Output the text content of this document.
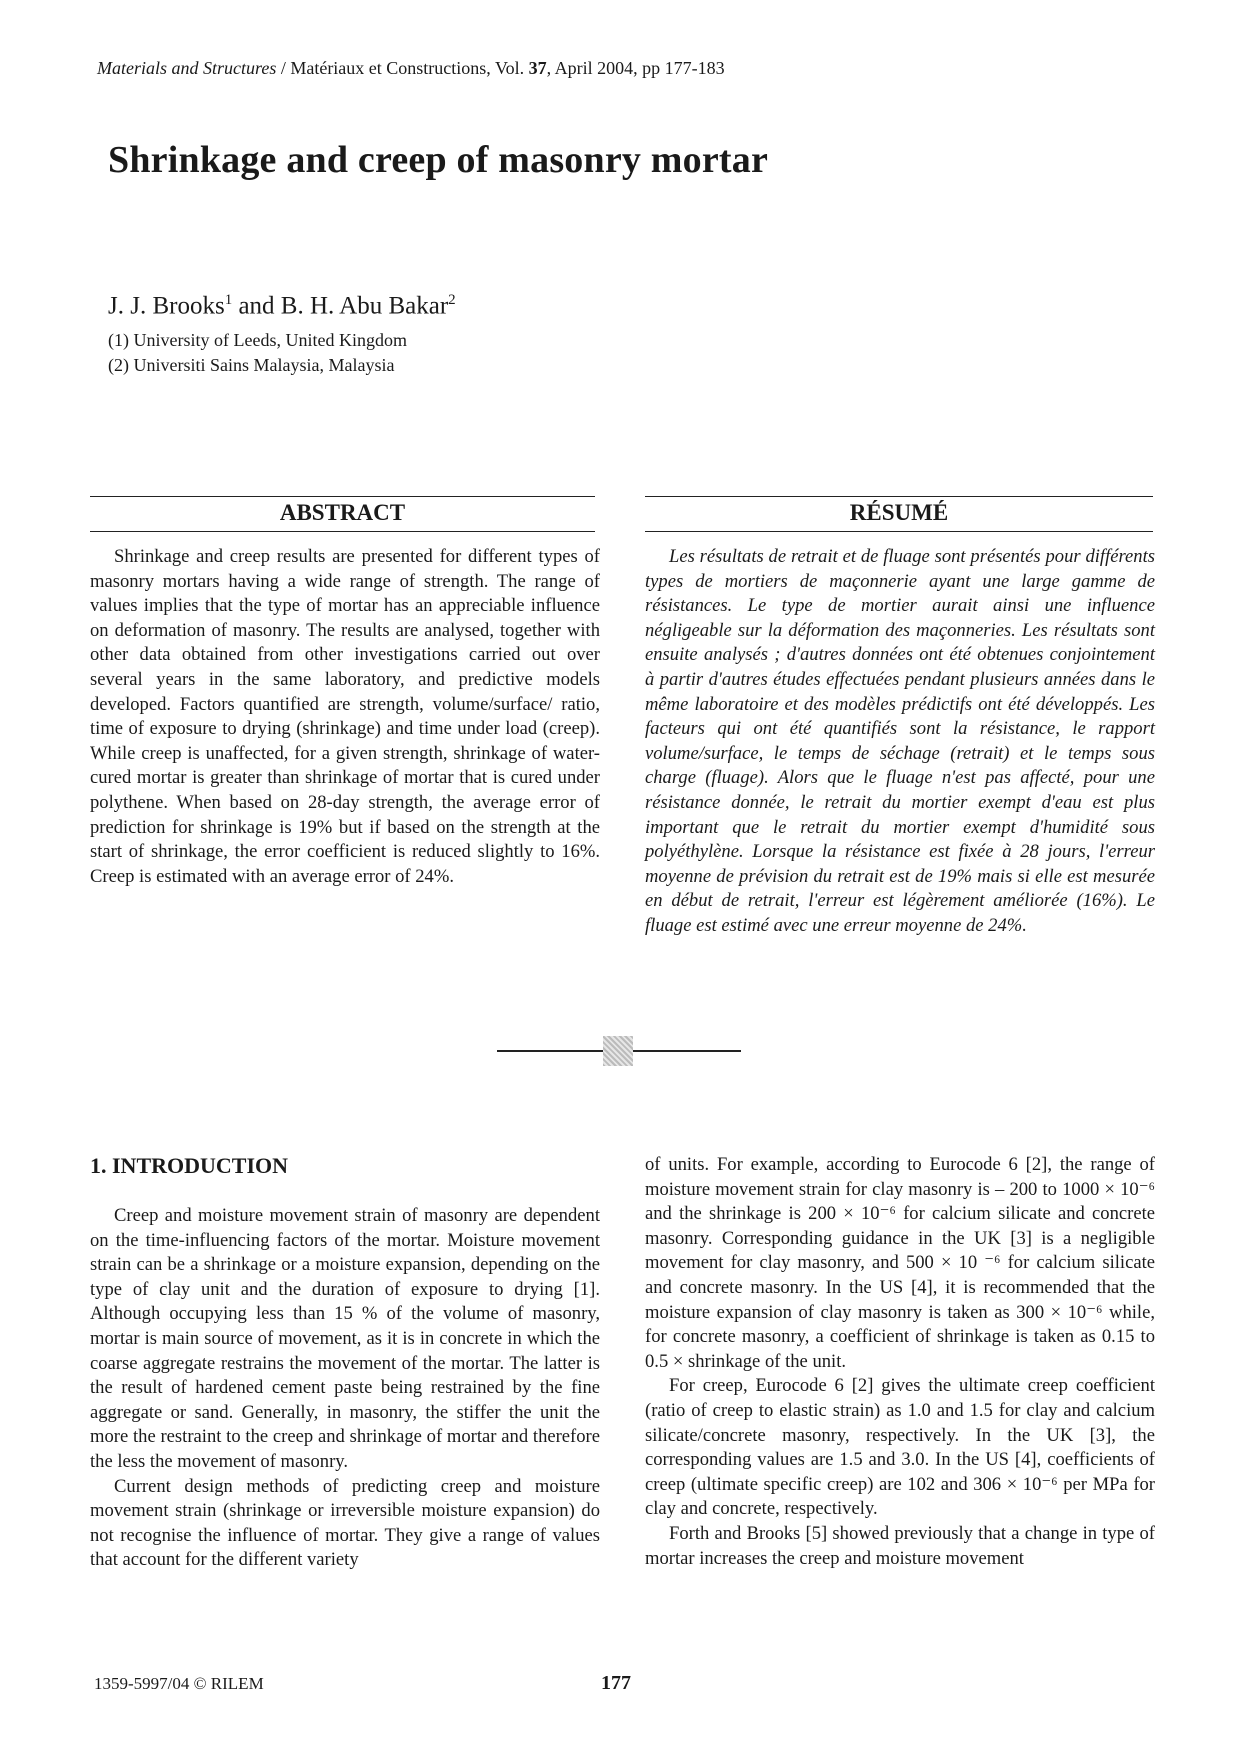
Materials and Structures / Matériaux et Constructions, Vol. 37, April 2004, pp 177-183
Shrinkage and creep of masonry mortar
J. J. Brooks$^1$ and B. H. Abu Bakar$^2$
(1) University of Leeds, United Kingdom
(2) Universiti Sains Malaysia, Malaysia
ABSTRACT

Shrinkage and creep results are presented for different types of masonry mortars having a wide range of strength. The range of values implies that the type of mortar has an appreciable influence on deformation of masonry. The results are analysed, together with other data obtained from other investigations carried out over several years in the same laboratory, and predictive models developed. Factors quantified are strength, volume/surface/ ratio, time of exposure to drying (shrinkage) and time under load (creep). While creep is unaffected, for a given strength, shrinkage of water-cured mortar is greater than shrinkage of mortar that is cured under polythene. When based on 28-day strength, the average error of prediction for shrinkage is 19% but if based on the strength at the start of shrinkage, the error coefficient is reduced slightly to 16%. Creep is estimated with an average error of 24%.

RÉSUMÉ

Les résultats de retrait et de fluage sont présentés pour différents types de mortiers de maçonnerie ayant une large gamme de résistances. Le type de mortier aurait ainsi une influence négligeable sur la déformation des maçonneries. Les résultats sont ensuite analysés ; d'autres données ont été obtenues conjointement à partir d'autres études effectuées pendant plusieurs années dans le même laboratoire et des modèles prédictifs ont été développés. Les facteurs qui ont été quantifiés sont la résistance, le rapport volume/surface, le temps de séchage (retrait) et le temps sous charge (fluage). Alors que le fluage n'est pas affecté, pour une résistance donnée, le retrait du mortier exempt d'eau est plus important que le retrait du mortier exempt d'humidité sous polyéthylène. Lorsque la résistance est fixée à 28 jours, l'erreur moyenne de prévision du retrait est de 19% mais si elle est mesurée en début de retrait, l'erreur est légèrement améliorée (16%). Le fluage est estimé avec une erreur moyenne de 24%.

1. INTRODUCTION

Creep and moisture movement strain of masonry are dependent on the time-influencing factors of the mortar. Moisture movement strain can be a shrinkage or a moisture expansion, depending on the type of clay unit and the duration of exposure to drying [1]. Although occupying less than 15 % of the volume of masonry, mortar is main source of movement, as it is in concrete in which the coarse aggregate restrains the movement of the mortar. The latter is the result of hardened cement paste being restrained by the fine aggregate or sand. Generally, in masonry, the stiffer the unit the more the restraint to the creep and shrinkage of mortar and therefore the less the movement of masonry.

Current design methods of predicting creep and moisture movement strain (shrinkage or irreversible moisture expansion) do not recognise the influence of mortar. They give a range of values that account for the different variety

of units. For example, according to Eurocode 6 [2], the range of moisture movement strain for clay masonry is – 200 to 1000 × 10⁻⁶ and the shrinkage is 200 × 10⁻⁶ for calcium silicate and concrete masonry. Corresponding guidance in the UK [3] is a negligible movement for clay masonry, and 500 × 10 ⁻⁶ for calcium silicate and concrete masonry. In the US [4], it is recommended that the moisture expansion of clay masonry is taken as 300 × 10⁻⁶ while, for concrete masonry, a coefficient of shrinkage is taken as 0.15 to 0.5 × shrinkage of the unit.

For creep, Eurocode 6 [2] gives the ultimate creep coefficient (ratio of creep to elastic strain) as 1.0 and 1.5 for clay and calcium silicate/concrete masonry, respectively. In the UK [3], the corresponding values are 1.5 and 3.0. In the US [4], coefficients of creep (ultimate specific creep) are 102 and 306 × 10⁻⁶ per MPa for clay and concrete, respectively.

Forth and Brooks [5] showed previously that a change in type of mortar increases the creep and moisture movement

1359-5997/04 © RILEM	177
